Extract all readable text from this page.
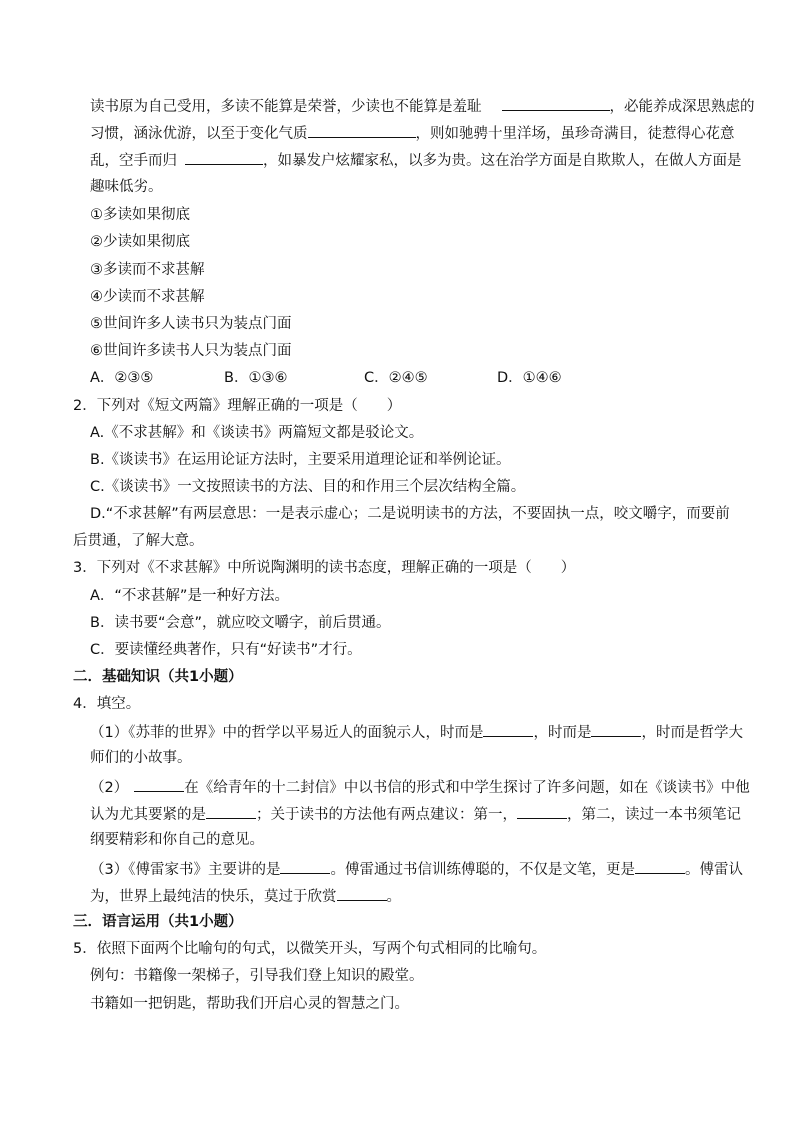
读书原为自己受用，多读不能算是荣誉，少读也不能算是羞耻	，必能养成深思熟虑的
习惯，涵泳优游，以至于变化气质	，则如驰骋十里洋场，虽珍奇满目，徒惹得心花意
乱，空手而归	，如暴发户炫耀家私，以多为贵。这在治学方面是自欺欺人，在做人方面是
趣味低劣。
①多读如果彻底
②少读如果彻底
③多读而不求甚解
④少读而不求甚解
⑤世间许多人读书只为装点门面
⑥世间许多读书人只为装点门面
A．②③⑤	B．①③⑥	C．②④⑤	D．①④⑥
2．下列对《短文两篇》理解正确的一项是（　　）
A.《不求甚解》和《谈读书》两篇短文都是驳论文。
B.《谈读书》在运用论证方法时，主要采用道理论证和举例论证。
C.《谈读书》一文按照读书的方法、目的和作用三个层次结构全篇。
D.“不求甚解”有两层意思：一是表示虚心；二是说明读书的方法，不要固执一点，咬文嚼字，而要前
后贯通，了解大意。
3．下列对《不求甚解》中所说陶渊明的读书态度，理解正确的一项是（　　）
A．“不求甚解”是一种好方法。
B．读书要“会意”，就应咬文嚼字，前后贯通。
C．要读懂经典著作，只有“好读书”才行。
二．基础知识（共1小题）
4．填空。
（1）《苏菲的世界》中的哲学以平易近人的面貌示人，时而是	，时而是	，时而是哲学大
师们的小故事。
（2）	在《给青年的十二封信》中以书信的形式和中学生探讨了许多问题，如在《谈读书》中他
认为尤其要紧的是	；关于读书的方法他有两点建议：第一，	，第二，读过一本书须笔记
纲要精彩和你自己的意见。
（3）《傅雷家书》主要讲的是	。傅雷通过书信训练傅聪的，不仅是文笔，更是	。傅雷认
为，世界上最纯洁的快乐，莫过于欣赏	。
三．语言运用（共1小题）
5．依照下面两个比喻句的句式，以微笑开头，写两个句式相同的比喻句。
例句：书籍像一架梯子，引导我们登上知识的殿堂。
书籍如一把钥匙，帮助我们开启心灵的智慧之门。
